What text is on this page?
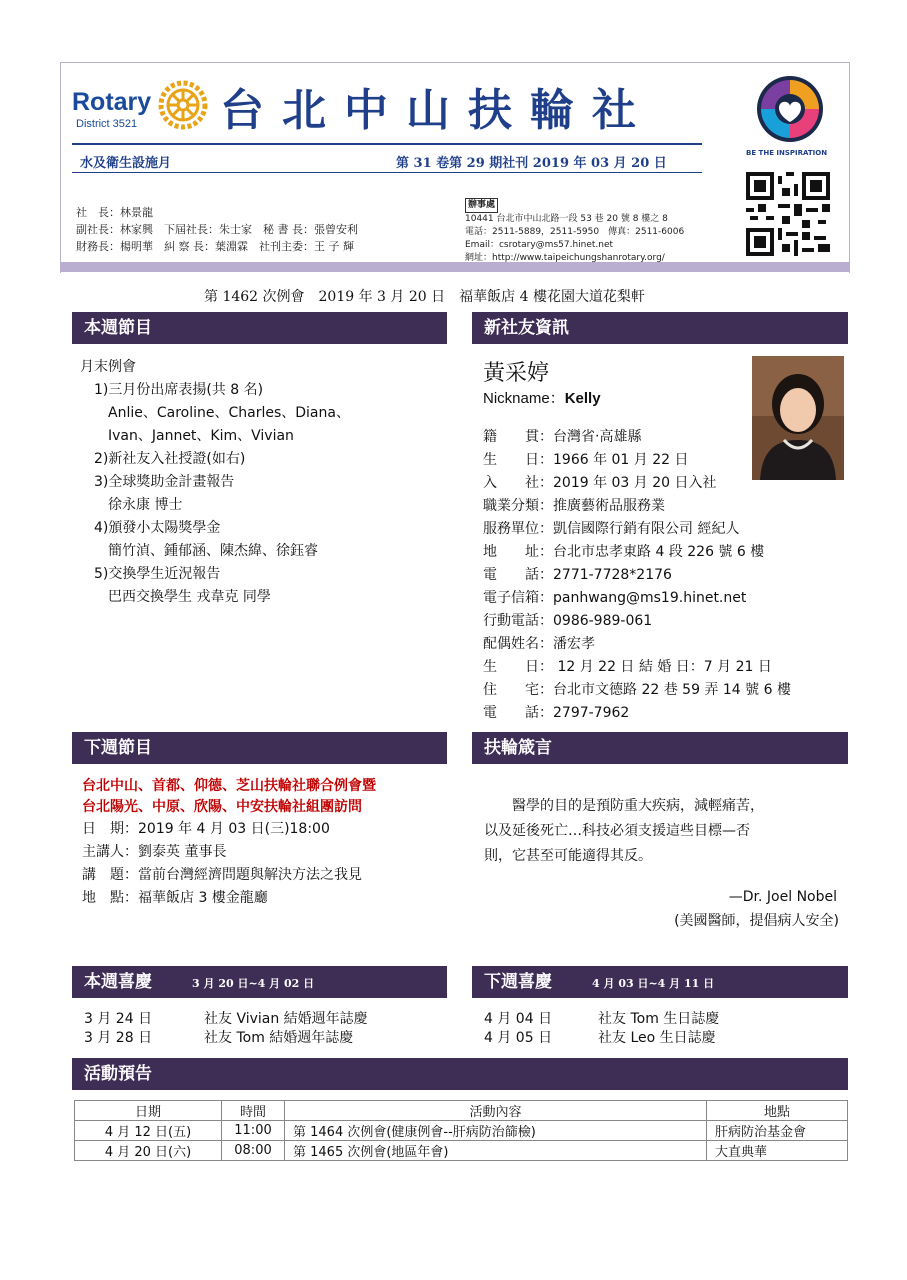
Rotary
District 3521 台北中山扶輪社
BE THE INSPIRATION
水及衛生設施月	第 31 卷第 29 期社刊 2019 年 03 月 20 日
社　長：林景龍
副社長：林家興　下屆社長：朱士家　秘 書 長：張曾安利
財務長：楊明華　糾 察 長：葉淵霖　社刊主委：王 子 輝
辦事處
10441 台北市中山北路一段 53 巷 20 號 8 樓之 8
電話：2511-5889，2511-5950　傳真：2511-6006
Email：csrotary@ms57.hinet.net
網址：http://www.taipeichungshanrotary.org/
第 1462 次例會　2019 年 3 月 20 日　福華飯店 4 樓花園大道花梨軒
本週節目
月末例會
　1)三月份出席表揚(共 8 名)
　　Anlie、Caroline、Charles、Diana、
　　Ivan、Jannet、Kim、Vivian
　2)新社友入社授證(如右)
　3)全球獎助金計畫報告
　　徐永康 博士
　4)頒發小太陽獎學金
　　簡竹湞、鍾郁涵、陳杰緯、徐鈺睿
　5)交換學生近況報告
　　巴西交換學生 戎韋克 同學
新社友資訊
黃采婷
Nickname：Kelly
籍　　貫：台灣省‧高雄縣
生　　日：1966 年 01 月 22 日
入　　社：2019 年 03 月 20 日入社
職業分類：推廣藝術品服務業
服務單位：凱信國際行銷有限公司 經紀人
地　　址：台北市忠孝東路 4 段 226 號 6 樓
電　　話：2771-7728*2176
電子信箱：panhwang@ms19.hinet.net
行動電話：0986-989-061
配偶姓名：潘宏孝
生　　日： 12 月 22 日 結 婚 日：7 月 21 日
住　　宅：台北市文德路 22 巷 59 弄 14 號 6 樓
電　　話：2797-7962
下週節目
台北中山、首都、仰德、芝山扶輪社聯合例會暨
台北陽光、中原、欣陽、中安扶輪社組團訪問
日　期：2019 年 4 月 03 日(三)18:00
主講人：劉泰英 董事長
講　題：當前台灣經濟問題與解決方法之我見
地　點：福華飯店 3 樓金龍廳
扶輪箴言
　　醫學的目的是預防重大疾病，減輕痛苦，
以及延後死亡…科技必須支援這些目標—否
則，它甚至可能適得其反。
—Dr. Joel Nobel
(美國醫師，提倡病人安全)
本週喜慶	3 月 20 日~4 月 02 日
3 月 24 日	社友 Vivian 結婚週年誌慶
3 月 28 日	社友 Tom 結婚週年誌慶
下週喜慶	4 月 03 日~4 月 11 日
4 月 04 日	社友 Tom 生日誌慶
4 月 05 日	社友 Leo 生日誌慶
活動預告
日期	時間	活動內容	地點
4 月 12 日(五)	11:00	第 1464 次例會(健康例會--肝病防治篩檢)	肝病防治基金會
4 月 20 日(六)	08:00	第 1465 次例會(地區年會)	大直典華
